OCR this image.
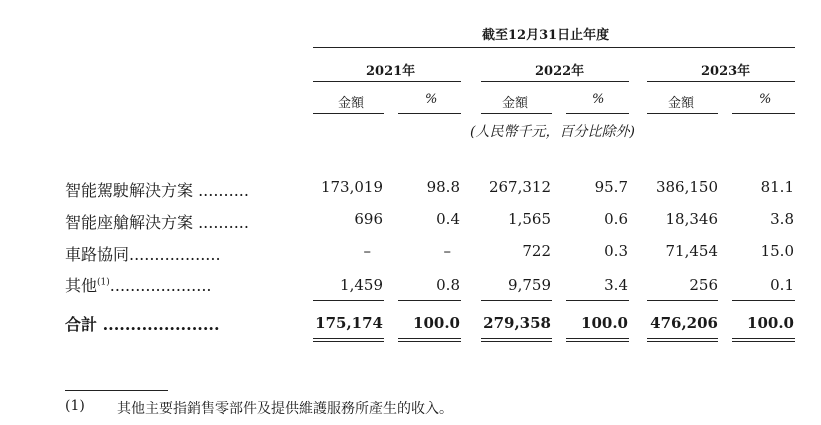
截至12月31日止年度
2021年	2022年	2023年
金額	%	金額	%	金額	%
(人民幣千元，百分比除外)
智能駕駛解決方案 ..........	173,019	98.8 267,312	95.7 386,150	81.1
智能座艙解決方案 ..........	696	0.4	1,565	0.6	18,346	3.8
車路協同..................	–	–	722	0.3	71,454	15.0
其他$^{(1)}$....................	1,459	0.8	9,759	3.4	256	0.1
合計 .....................	175,174 100.0 279,358 100.0 476,206 100.0
(1) 其他主要指銷售零部件及提供維護服務所產生的收入。
